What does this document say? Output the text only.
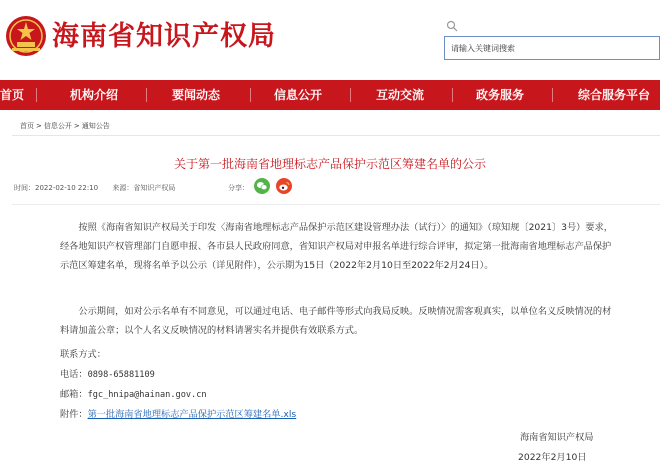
海南省知识产权局
请输入关键词搜索
首页	机构介绍	要闻动态	信息公开	互动交流	政务服务	综合服务平台
首页 > 信息公开 > 通知公告
关于第一批海南省地理标志产品保护示范区筹建名单的公示
时间：2022-02-10 22:10 来源：省知识产权局	分享：

按照《海南省知识产权局关于印发〈海南省地理标志产品保护示范区建设管理办法（试行）〉的通知》（琼知规〔2021〕3号）要求，经各地知识产权管理部门自愿申报、各市县人民政府同意，省知识产权局对申报名单进行综合评审，拟定第一批海南省地理标志产品保护示范区筹建名单，现将名单予以公示（详见附件），公示期为15日（2022年2月10日至2022年2月24日）。

公示期间，如对公示名单有不同意见，可以通过电话、电子邮件等形式向我局反映。反映情况需客观真实，以单位名义反映情况的材料请加盖公章；以个人名义反映情况的材料请署实名并提供有效联系方式。

联系方式：
电话：0898-65881109
邮箱：fgc_hnipa@hainan.gov.cn
附件：第一批海南省地理标志产品保护示范区筹建名单.xls
海南省知识产权局
2022年2月10日
